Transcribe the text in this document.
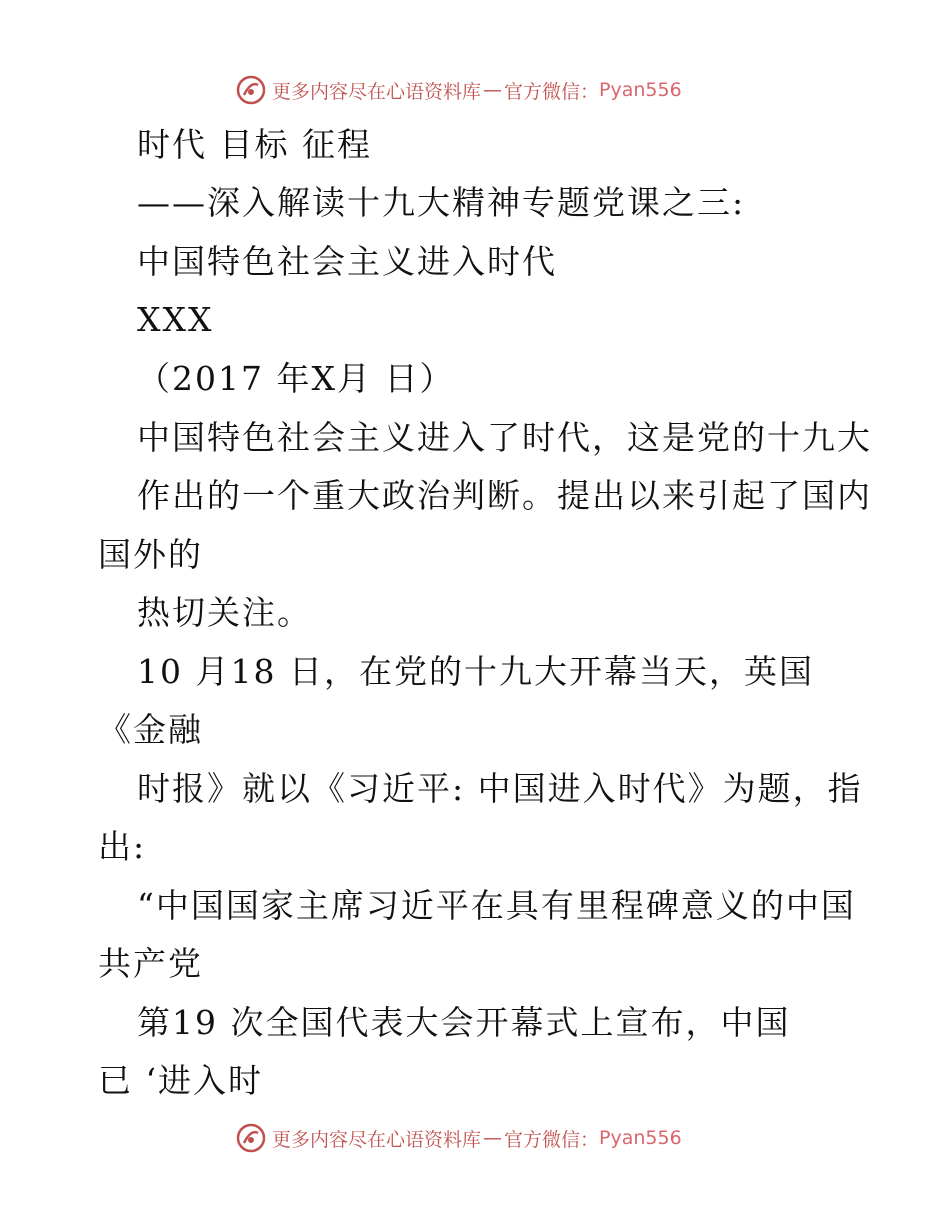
更多内容尽在心语资料库 — 官方微信： Pyan556
时代 目标 征程
——深入解读十九大精神专题党课之三:
中国特色社会主义进入时代
XXX
（2017 年X月 日）
中国特色社会主义进入了时代，这是党的十九大
作出的一个重大政治判断。提出以来引起了国内
国外的
热切关注。
10 月18 日，在党的十九大开幕当天，英国
《金融
时报》就以《习近平: 中国进入时代》为题，指
出:
“中国国家主席习近平在具有里程碑意义的中国
共产党
第19 次全国代表大会开幕式上宣布，中国
已 ‘进入时
更多内容尽在心语资料库 — 官方微信： Pyan556
